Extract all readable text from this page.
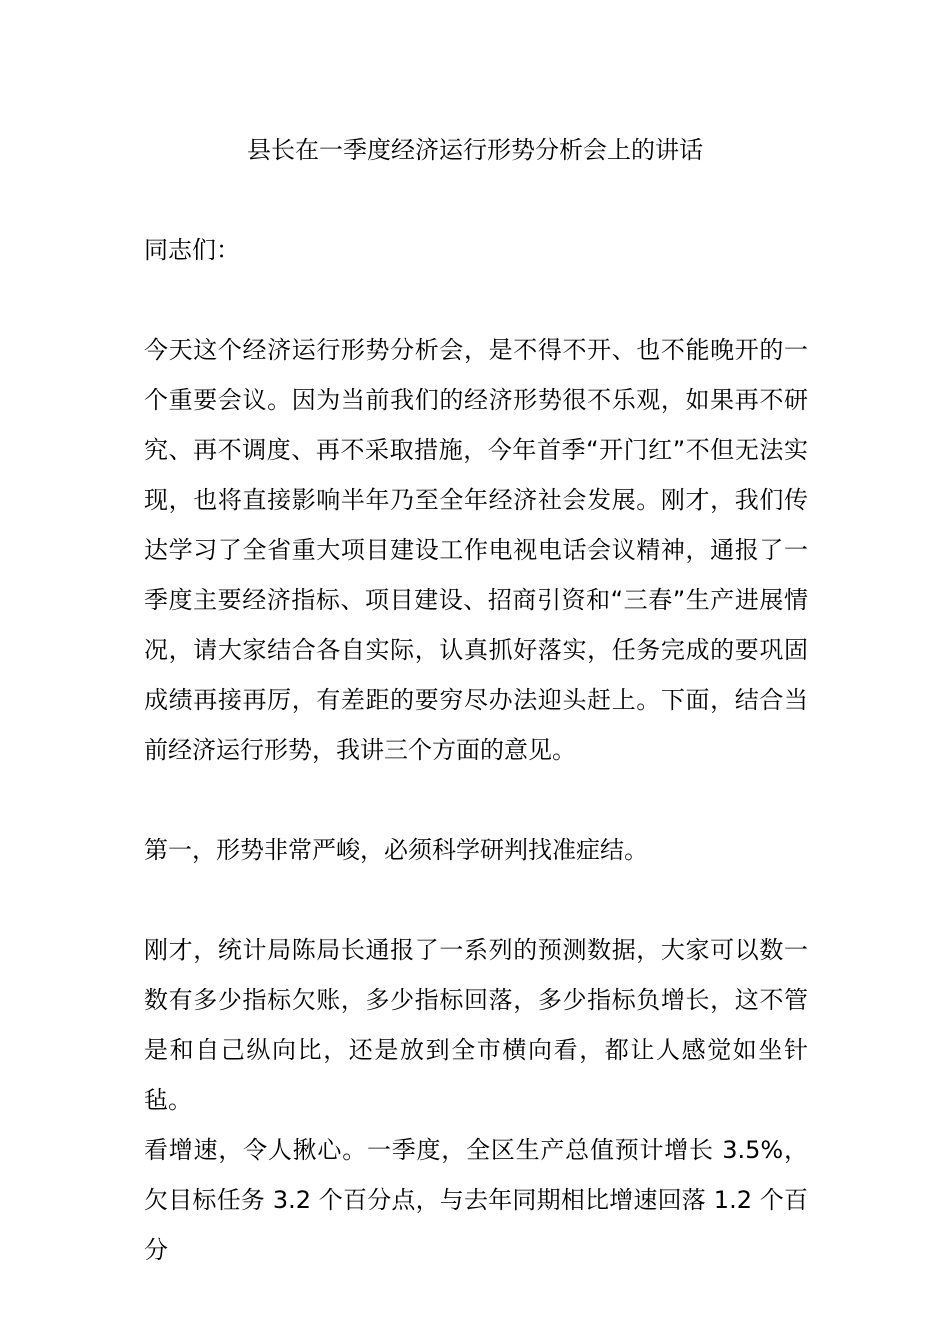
县长在一季度经济运行形势分析会上的讲话

同志们：

今天这个经济运行形势分析会，是不得不开、也不能晚开的一个重要会议。因为当前我们的经济形势很不乐观，如果再不研究、再不调度、再不采取措施，今年首季“开门红”不但无法实现，也将直接影响半年乃至全年经济社会发展。刚才，我们传达学习了全省重大项目建设工作电视电话会议精神，通报了一季度主要经济指标、项目建设、招商引资和“三春”生产进展情况，请大家结合各自实际，认真抓好落实，任务完成的要巩固成绩再接再厉，有差距的要穷尽办法迎头赶上。下面，结合当前经济运行形势，我讲三个方面的意见。

第一，形势非常严峻，必须科学研判找准症结。

刚才，统计局陈局长通报了一系列的预测数据，大家可以数一数有多少指标欠账，多少指标回落，多少指标负增长，这不管是和自己纵向比，还是放到全市横向看，都让人感觉如坐针毡。

看增速，令人揪心。一季度，全区生产总值预计增长 3.5%，欠目标任务 3.2 个百分点，与去年同期相比增速回落 1.2 个百分
